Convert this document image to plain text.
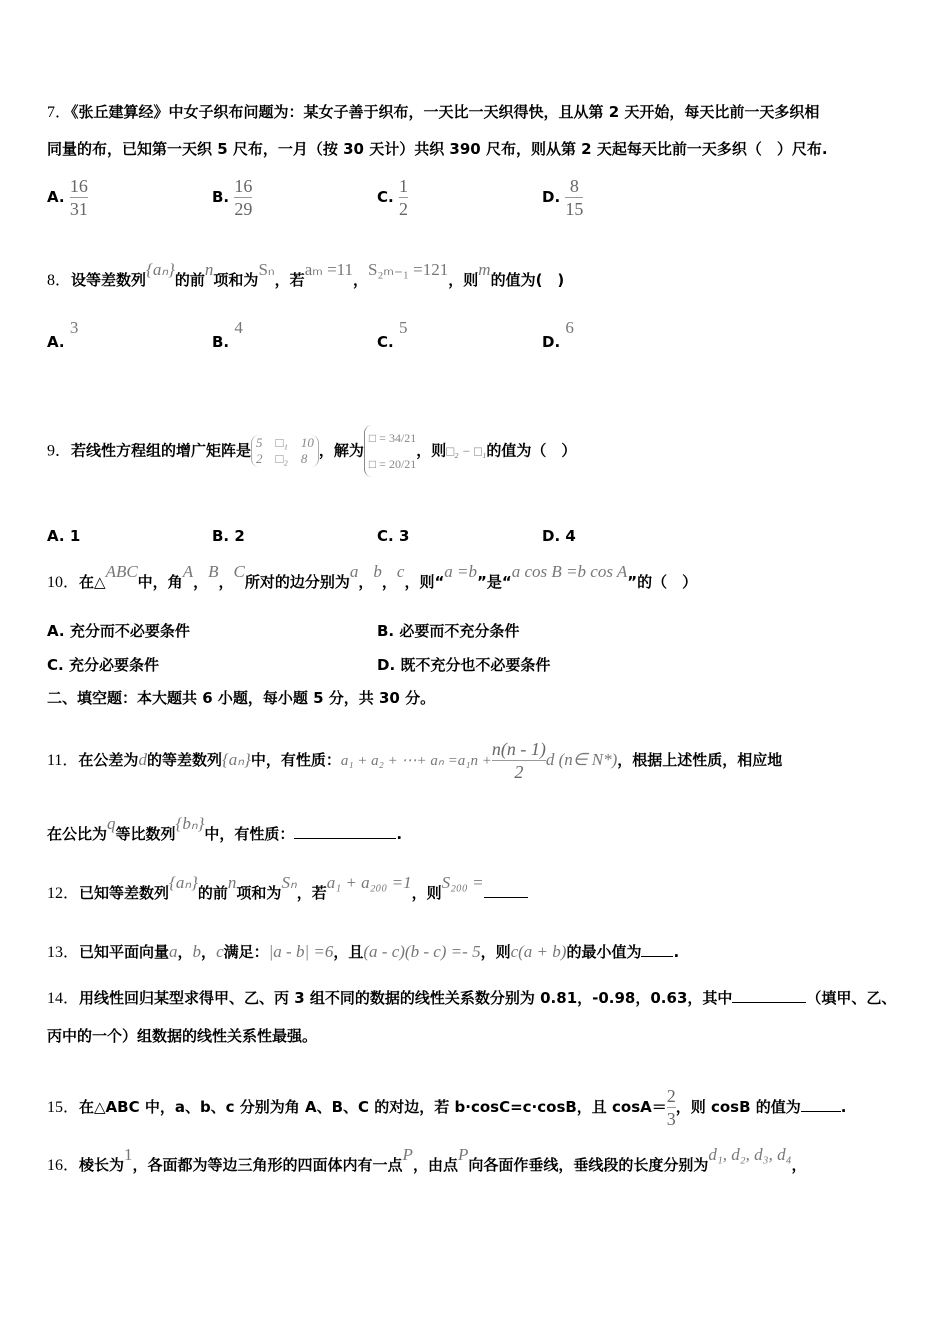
7．《张丘建算经》中女子织布问题为：某女子善于织布，一天比一天织得快，且从第 2 天开始，每天比前一天多织相
同量的布，已知第一天织 5 尺布，一月（按 30 天计）共织 390 尺布，则从第 2 天起每天比前一天多织（　）尺布.
A. $\frac{16}{31}$	B. $\frac{16}{29}$	C. $\frac{1}{2}$	D. $\frac{8}{15}$
8．设等差数列{aₙ}的前n项和为Sₙ，若aₘ =11，S₂ₘ₋₁ =121，则m的值为(　)
A. 3
B. 4
C. 5
D. 6
9．若线性方程组的增广矩阵是 5　□₁　10
2　□₂　8 ，解为
□ = 34/21
□ = 20/21
，则□₂ − □₁的值为（　）
A. 1	B. 2	C. 3	D. 4
10．在△ABC中，角A，B，C所对的边分别为a，b，c，则“a =b”是“a cos B =b cos A”的（　）
A. 充分而不必要条件	B. 必要而不充分条件
C. 充分必要条件	D. 既不充分也不必要条件
二、填空题：本大题共 6 小题，每小题 5 分，共 30 分。
11．在公差为d的等差数列{aₙ}中，有性质：a₁ + a₂ + ⋯+ $a_n =a_1n + \frac{n(n - 1)}{2}$ d (n∈ N*)，根据上述性质，相应地
在公比为q等比数列{bₙ}中，有性质：	.
12．已知等差数列{aₙ}的前n项和为Sₙ，若a₁ + a₂₀₀ =1，则S₂₀₀ =
13．已知平面向量a，b，c满足：|a - b| =6，且(a - c)(b - c) =- 5，则c(a + b)的最小值为 .
14．用线性回归某型求得甲、乙、丙 3 组不同的数据的线性关系数分别为 0.81，-0.98，0.63，其中	（填甲、乙、
丙中的一个）组数据的线性关系性最强。
15．在△ABC 中，a、b、c 分别为角 A、B、C 的对边，若 b·cosC=c·cosB，且 $\cos A= \frac{2}{3}$ ，则 cosB 的值为	.
16．棱长为1，各面都为等边三角形的四面体内有一点P，由点P向各面作垂线，垂线段的长度分别为d₁, d₂, d₃, d₄，
